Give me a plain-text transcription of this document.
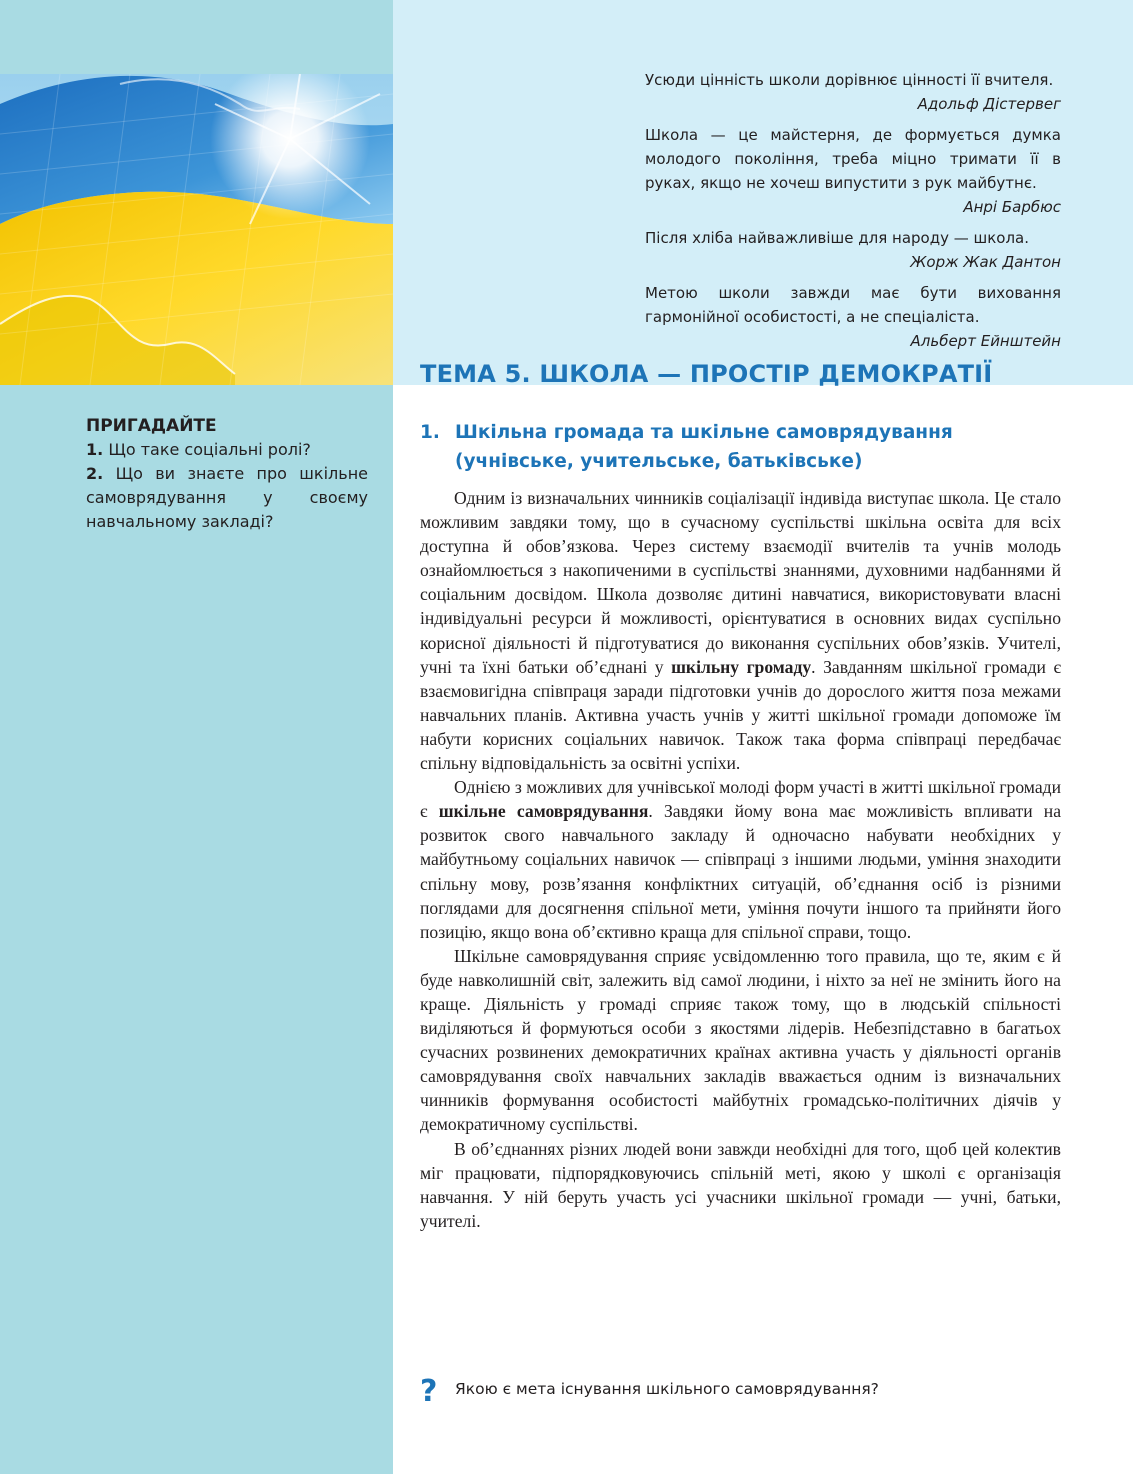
Усюди цінність школи дорівнює цінності її вчителя.
Адольф Дістервег
Школа — це майстерня, де формується думка молодого покоління, треба міцно тримати її в руках, якщо не хочеш випустити з рук майбутнє.
Анрі Барбюс
Після хліба найважливіше для народу — школа.
Жорж Жак Дантон
Метою школи завжди має бути виховання гармонійної особистості, а не спеціаліста.
Альберт Ейнштейн
ТЕМА 5. ШКОЛА — ПРОСТІР ДЕМОКРАТІЇ
ПРИГАДАЙТЕ
1. Що таке соціальні ролі?
2. Що ви знаєте про шкільне самоврядування у своєму навчальному закладі?
1. Шкільна громада та шкільне самоврядування (учнівське, учительське, батьківське)

Одним із визначальних чинників соціалізації індивіда виступає школа. Це стало можливим завдяки тому, що в сучасному суспільстві шкільна освіта для всіх доступна й обов’язкова. Через систему взаємодії вчителів та учнів молодь ознайомлюється з накопиченими в суспільстві знаннями, духовними надбаннями й соціальним досвідом. Школа дозволяє дитині навчатися, використовувати власні індивідуальні ресурси й можливості, орієнтуватися в основних видах суспільно корисної діяльності й підготуватися до виконання суспільних обов’язків. Учителі, учні та їхні батьки об’єднані у шкільну громаду. Завданням шкільної громади є взаємовигідна співпраця заради підготовки учнів до дорослого життя поза межами навчальних планів. Активна участь учнів у житті шкільної громади допоможе їм набути корисних соціальних навичок. Також така форма співпраці передбачає спільну відповідальність за освітні успіхи.

Однією з можливих для учнівської молоді форм участі в житті шкільної громади є шкільне самоврядування. Завдяки йому вона має можливість впливати на розвиток свого навчального закладу й одночасно набувати необхідних у майбутньому соціальних навичок — співпраці з іншими людьми, уміння знаходити спільну мову, розв’язання конфліктних ситуацій, об’єднання осіб із різними поглядами для досягнення спільної мети, уміння почути іншого та прийняти його позицію, якщо вона об’єктивно краща для спільної справи, тощо.

Шкільне самоврядування сприяє усвідомленню того правила, що те, яким є й буде навколишній світ, залежить від самої людини, і ніхто за неї не змінить його на краще. Діяльність у громаді сприяє також тому, що в людській спільності виділяються й формуються особи з якостями лідерів. Небезпідставно в багатьох сучасних розвинених демократичних країнах активна участь у діяльності органів самоврядування своїх навчальних закладів вважається одним із визначальних чинників формування особистості майбутніх громадсько-політичних діячів у демократичному суспільстві.

В об’єднаннях різних людей вони завжди необхідні для того, щоб цей колектив міг працювати, підпорядковуючись спільній меті, якою у школі є організація навчання. У ній беруть участь усі учасники шкільної громади — учні, батьки, учителі.

? Якою є мета існування шкільного самоврядування?
